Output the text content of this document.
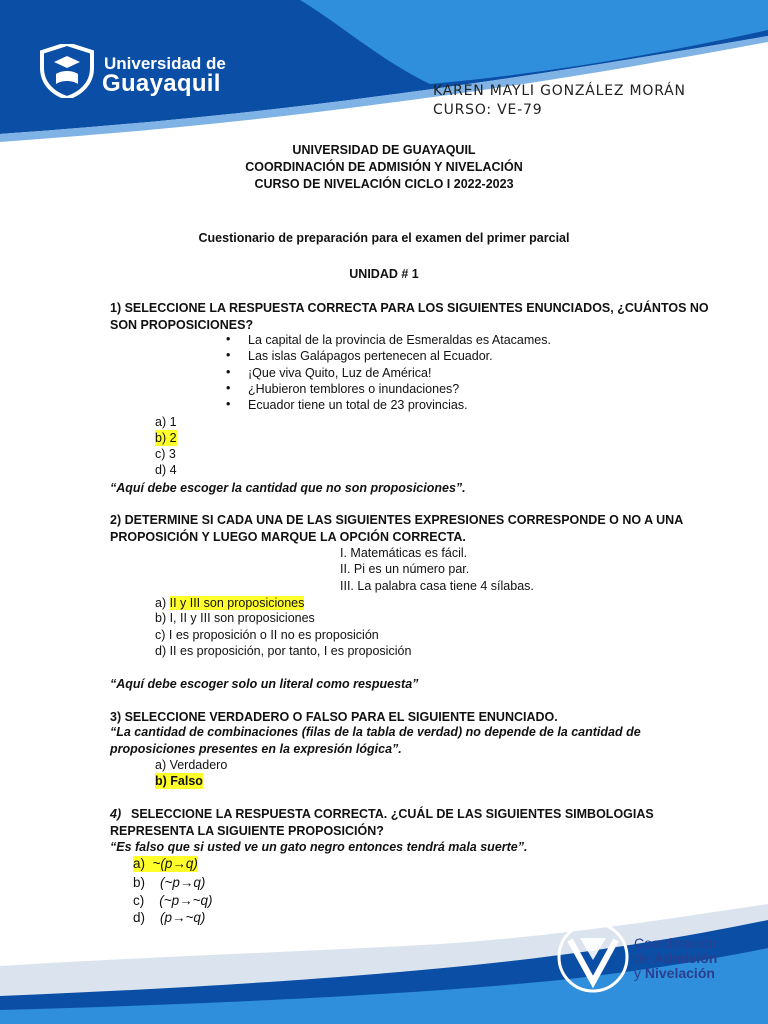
Universidad de
Guayaquil	KAREN MAYLI GONZÁLEZ MORÁN
CURSO: VE-79
UNIVERSIDAD DE GUAYAQUIL
COORDINACIÓN DE ADMISIÓN Y NIVELACIÓN
CURSO DE NIVELACIÓN CICLO I 2022-2023
Cuestionario de preparación para el examen del primer parcial
UNIDAD # 1
1) SELECCIONE LA RESPUESTA CORRECTA PARA LOS SIGUIENTES ENUNCIADOS, ¿CUÁNTOS NO
SON PROPOSICIONES?
• La capital de la provincia de Esmeraldas es Atacames.
• Las islas Galápagos pertenecen al Ecuador.
• ¡Que viva Quito, Luz de América!
• ¿Hubieron temblores o inundaciones?
• Ecuador tiene un total de 23 provincias.
a) 1
b) 2
c) 3
d) 4
“Aquí debe escoger la cantidad que no son proposiciones”.
2) DETERMINE SI CADA UNA DE LAS SIGUIENTES EXPRESIONES CORRESPONDE O NO A UNA
PROPOSICIÓN Y LUEGO MARQUE LA OPCIÓN CORRECTA.
I. Matemáticas es fácil.
II. Pi es un número par.
III. La palabra casa tiene 4 sílabas.
a) II y III son proposiciones
b) I, II y III son proposiciones
c) I es proposición o II no es proposición
d) II es proposición, por tanto, I es proposición
“Aquí debe escoger solo un literal como respuesta”
3) SELECCIONE VERDADERO O FALSO PARA EL SIGUIENTE ENUNCIADO.
“La cantidad de combinaciones (filas de la tabla de verdad) no depende de la cantidad de
proposiciones presentes en la expresión lógica”.
a) Verdadero
b) Falso
4) SELECCIONE LA RESPUESTA CORRECTA. ¿CUÁL DE LAS SIGUIENTES SIMBOLOGIAS
REPRESENTA LA SIGUIENTE PROPOSICIÓN?
“Es falso que si usted ve un gato negro entonces tendrá mala suerte”.
a) ~(p→q)
b) (~p→q)
c) (~p→~q)
d) (p→~q)
Coordinación
de Admisión
y Nivelación
